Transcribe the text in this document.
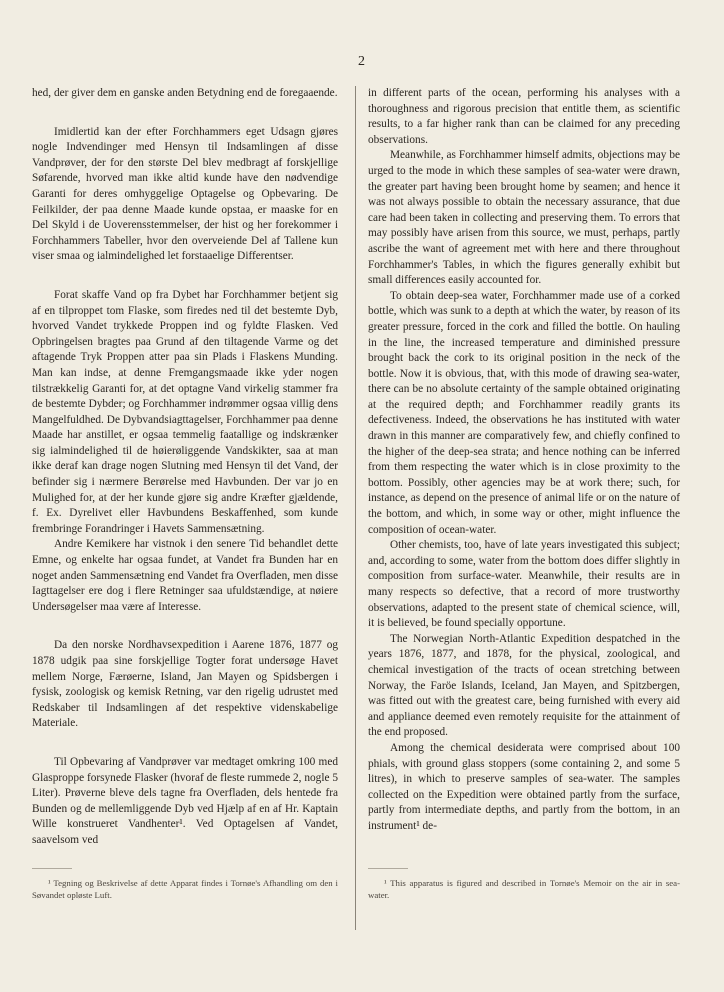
2

hed, der giver dem en ganske anden Betydning end de foregaaende.

Imidlertid kan der efter Forchhammers eget Udsagn gjøres nogle Indvendinger med Hensyn til Indsamlingen af disse Vandprøver, der for den største Del blev medbragt af forskjellige Søfarende, hvorved man ikke altid kunde have den nødvendige Garanti for deres omhyggelige Optagelse og Opbevaring. De Feilkilder, der paa denne Maade kunde opstaa, er maaske for en Del Skyld i de Uoverensstemmelser, der hist og her forekommer i Forchhammers Tabeller, hvor den overveiende Del af Tallene kun viser smaa og ialmindelighed let forstaaelige Differentser.

Forat skaffe Vand op fra Dybet har Forchhammer betjent sig af en tilproppet tom Flaske, som firedes ned til det bestemte Dyb, hvorved Vandet trykkede Proppen ind og fyldte Flasken. Ved Opbringelsen bragtes paa Grund af den tiltagende Varme og det aftagende Tryk Proppen atter paa sin Plads i Flaskens Munding. Man kan indse, at denne Fremgangsmaade ikke yder nogen tilstrækkelig Garanti for, at det optagne Vand virkelig stammer fra de bestemte Dybder; og Forchhammer indrømmer ogsaa villig dens Mangelfuldhed. De Dybvandsiagttagelser, Forchhammer paa denne Maade har anstillet, er ogsaa temmelig faatallige og indskrænker sig ialmindelighed til de høierøliggende Vandskikter, saa at man ikke deraf kan drage nogen Slutning med Hensyn til det Vand, der befinder sig i nærmere Berørelse med Havbunden. Der var jo en Mulighed for, at der her kunde gjøre sig andre Kræfter gjældende, f. Ex. Dyrelivet eller Havbundens Beskaffenhed, som kunde frembringe Forandringer i Havets Sammensætning.

Andre Kemikere har vistnok i den senere Tid behandlet dette Emne, og enkelte har ogsaa fundet, at Vandet fra Bunden har en noget anden Sammensætning end Vandet fra Overfladen, men disse Iagttagelser ere dog i flere Retninger saa ufuldstændige, at nøiere Undersøgelser maa være af Interesse.

Da den norske Nordhavsexpedition i Aarene 1876, 1877 og 1878 udgik paa sine forskjellige Togter forat undersøge Havet mellem Norge, Færøerne, Island, Jan Mayen og Spidsbergen i fysisk, zoologisk og kemisk Retning, var den rigelig udrustet med Redskaber til Indsamlingen af det respektive videnskabelige Materiale.

Til Opbevaring af Vandprøver var medtaget omkring 100 med Glasproppe forsynede Flasker (hvoraf de fleste rummede 2, nogle 5 Liter). Prøverne bleve dels tagne fra Overfladen, dels hentede fra Bunden og de mellemliggende Dyb ved Hjælp af en af Hr. Kaptain Wille konstrueret Vandhenter¹. Ved Optagelsen af Vandet, saavelsom ved

in different parts of the ocean, performing his analyses with a thoroughness and rigorous precision that entitle them, as scientific results, to a far higher rank than can be claimed for any preceding observations.

Meanwhile, as Forchhammer himself admits, objections may be urged to the mode in which these samples of sea-water were drawn, the greater part having been brought home by seamen; and hence it was not always possible to obtain the necessary assurance, that due care had been taken in collecting and preserving them. To errors that may possibly have arisen from this source, we must, perhaps, partly ascribe the want of agreement met with here and there throughout Forchhammer's Tables, in which the figures generally exhibit but small differences easily accounted for.

To obtain deep-sea water, Forchhammer made use of a corked bottle, which was sunk to a depth at which the water, by reason of its greater pressure, forced in the cork and filled the bottle. On hauling in the line, the increased temperature and diminished pressure brought back the cork to its original position in the neck of the bottle. Now it is obvious, that, with this mode of drawing sea-water, there can be no absolute certainty of the sample obtained originating at the required depth; and Forchhammer readily grants its defectiveness. Indeed, the observations he has instituted with water drawn in this manner are comparatively few, and chiefly confined to the higher of the deep-sea strata; and hence nothing can be inferred from them respecting the water which is in close proximity to the bottom. Possibly, other agencies may be at work there; such, for instance, as depend on the presence of animal life or on the nature of the bottom, and which, in some way or other, might influence the composition of ocean-water.

Other chemists, too, have of late years investigated this subject; and, according to some, water from the bottom does differ slightly in composition from surface-water. Meanwhile, their results are in many respects so defective, that a record of more trustworthy observations, adapted to the present state of chemical science, will, it is believed, be found specially opportune.

The Norwegian North-Atlantic Expedition despatched in the years 1876, 1877, and 1878, for the physical, zoological, and chemical investigation of the tracts of ocean stretching between Norway, the Faröe Islands, Iceland, Jan Mayen, and Spitzbergen, was fitted out with the greatest care, being furnished with every aid and appliance deemed even remotely requisite for the attainment of the end proposed.

Among the chemical desiderata were comprised about 100 phials, with ground glass stoppers (some containing 2, and some 5 litres), in which to preserve samples of sea-water. The samples collected on the Expedition were obtained partly from the surface, partly from intermediate depths, and partly from the bottom, in an instrument¹ de-

¹ Tegning og Beskrivelse af dette Apparat findes i Tornøe's Afhandling om den i Søvandet opløste Luft.

¹ This apparatus is figured and described in Tornøe's Memoir on the air in sea-water.
